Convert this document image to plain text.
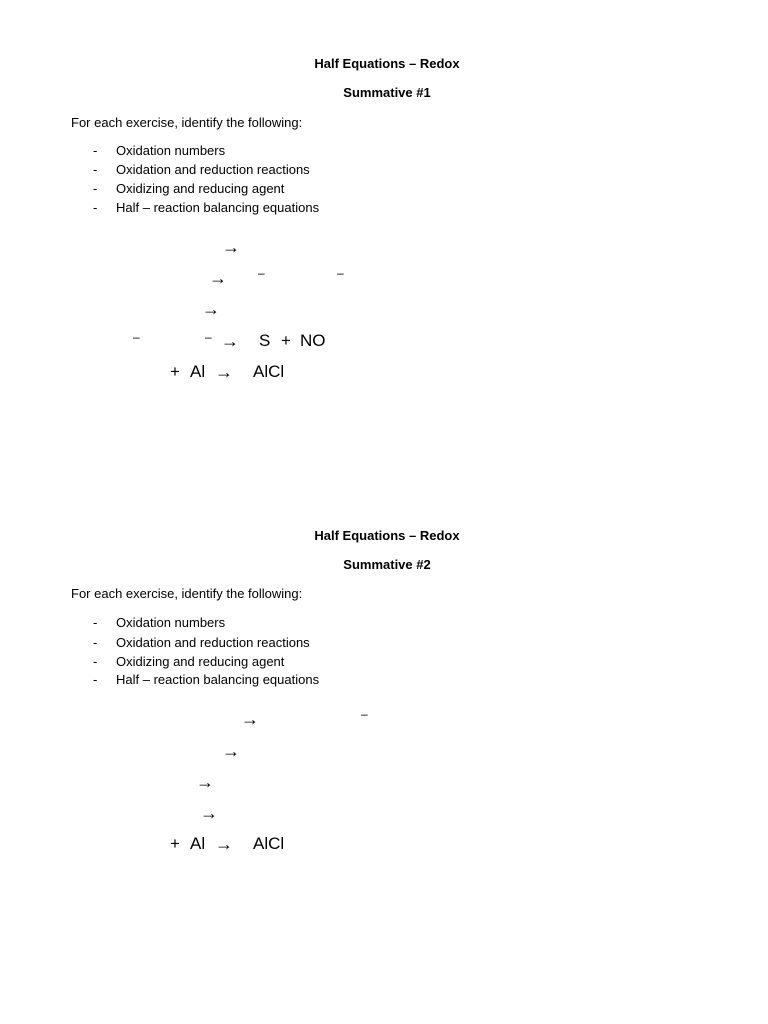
Half Equations – Redox
Summative #1
For each exercise, identify the following:
- Oxidation numbers
- Oxidation and reduction reactions
- Oxidizing and reducing agent
- Half – reaction balancing equations
→
→	–	–
→
–	– → S + NO
+ Al → AlCl
Half Equations – Redox
Summative #2
For each exercise, identify the following:
- Oxidation numbers
- Oxidation and reduction reactions
- Oxidizing and reducing agent
- Half – reaction balancing equations
→	–
→
→
→
+ Al → AlCl
